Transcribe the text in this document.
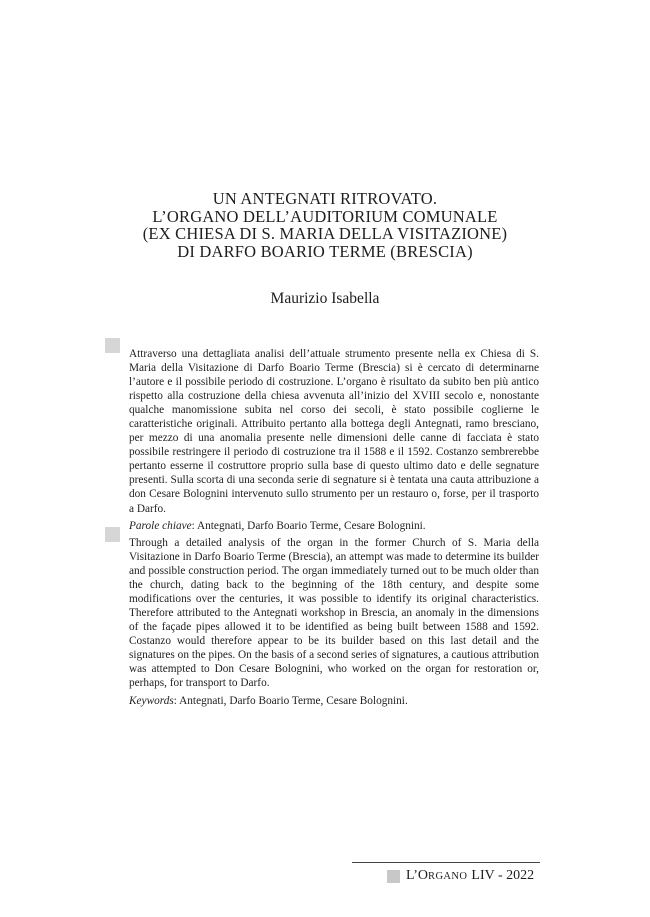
UN ANTEGNATI RITROVATO.
L’ORGANO DELL’AUDITORIUM COMUNALE
(EX CHIESA DI S. MARIA DELLA VISITAZIONE)
DI DARFO BOARIO TERME (BRESCIA)
Maurizio Isabella
Attraverso una dettagliata analisi dell’attuale strumento presente nella ex Chiesa di S. Maria della Visitazione di Darfo Boario Terme (Brescia) si è cercato di determinarne l’autore e il possibile periodo di costruzione. L’organo è risultato da subito ben più antico rispetto alla costruzione della chiesa avvenuta all’inizio del XVIII secolo e, nonostante qualche manomissione subita nel corso dei secoli, è stato possibile coglierne le caratteristiche originali. Attribuito pertanto alla bottega degli Antegnati, ramo bresciano, per mezzo di una anomalia presente nelle dimensioni delle canne di facciata è stato possibile restringere il periodo di costruzione tra il 1588 e il 1592. Costanzo sembrerebbe pertanto esserne il costruttore proprio sulla base di questo ultimo dato e delle segnature presenti. Sulla scorta di una seconda serie di segnature si è tentata una cauta attribuzione a don Cesare Bolognini intervenuto sullo strumento per un restauro o, forse, per il trasporto a Darfo.
Parole chiave: Antegnati, Darfo Boario Terme, Cesare Bolognini.
Through a detailed analysis of the organ in the former Church of S. Maria della Visitazione in Darfo Boario Terme (Brescia), an attempt was made to determine its builder and possible construction period. The organ immediately turned out to be much older than the church, dating back to the beginning of the 18th century, and despite some modifications over the centuries, it was possible to identify its original characteristics. Therefore attributed to the Antegnati workshop in Brescia, an anomaly in the dimensions of the façade pipes allowed it to be identified as being built between 1588 and 1592. Costanzo would therefore appear to be its builder based on this last detail and the signatures on the pipes. On the basis of a second series of signatures, a cautious attribution was attempted to Don Cesare Bolognini, who worked on the organ for restoration or, perhaps, for transport to Darfo.
Keywords: Antegnati, Darfo Boario Terme, Cesare Bolognini.
L’O RGANO LIV - 2022
